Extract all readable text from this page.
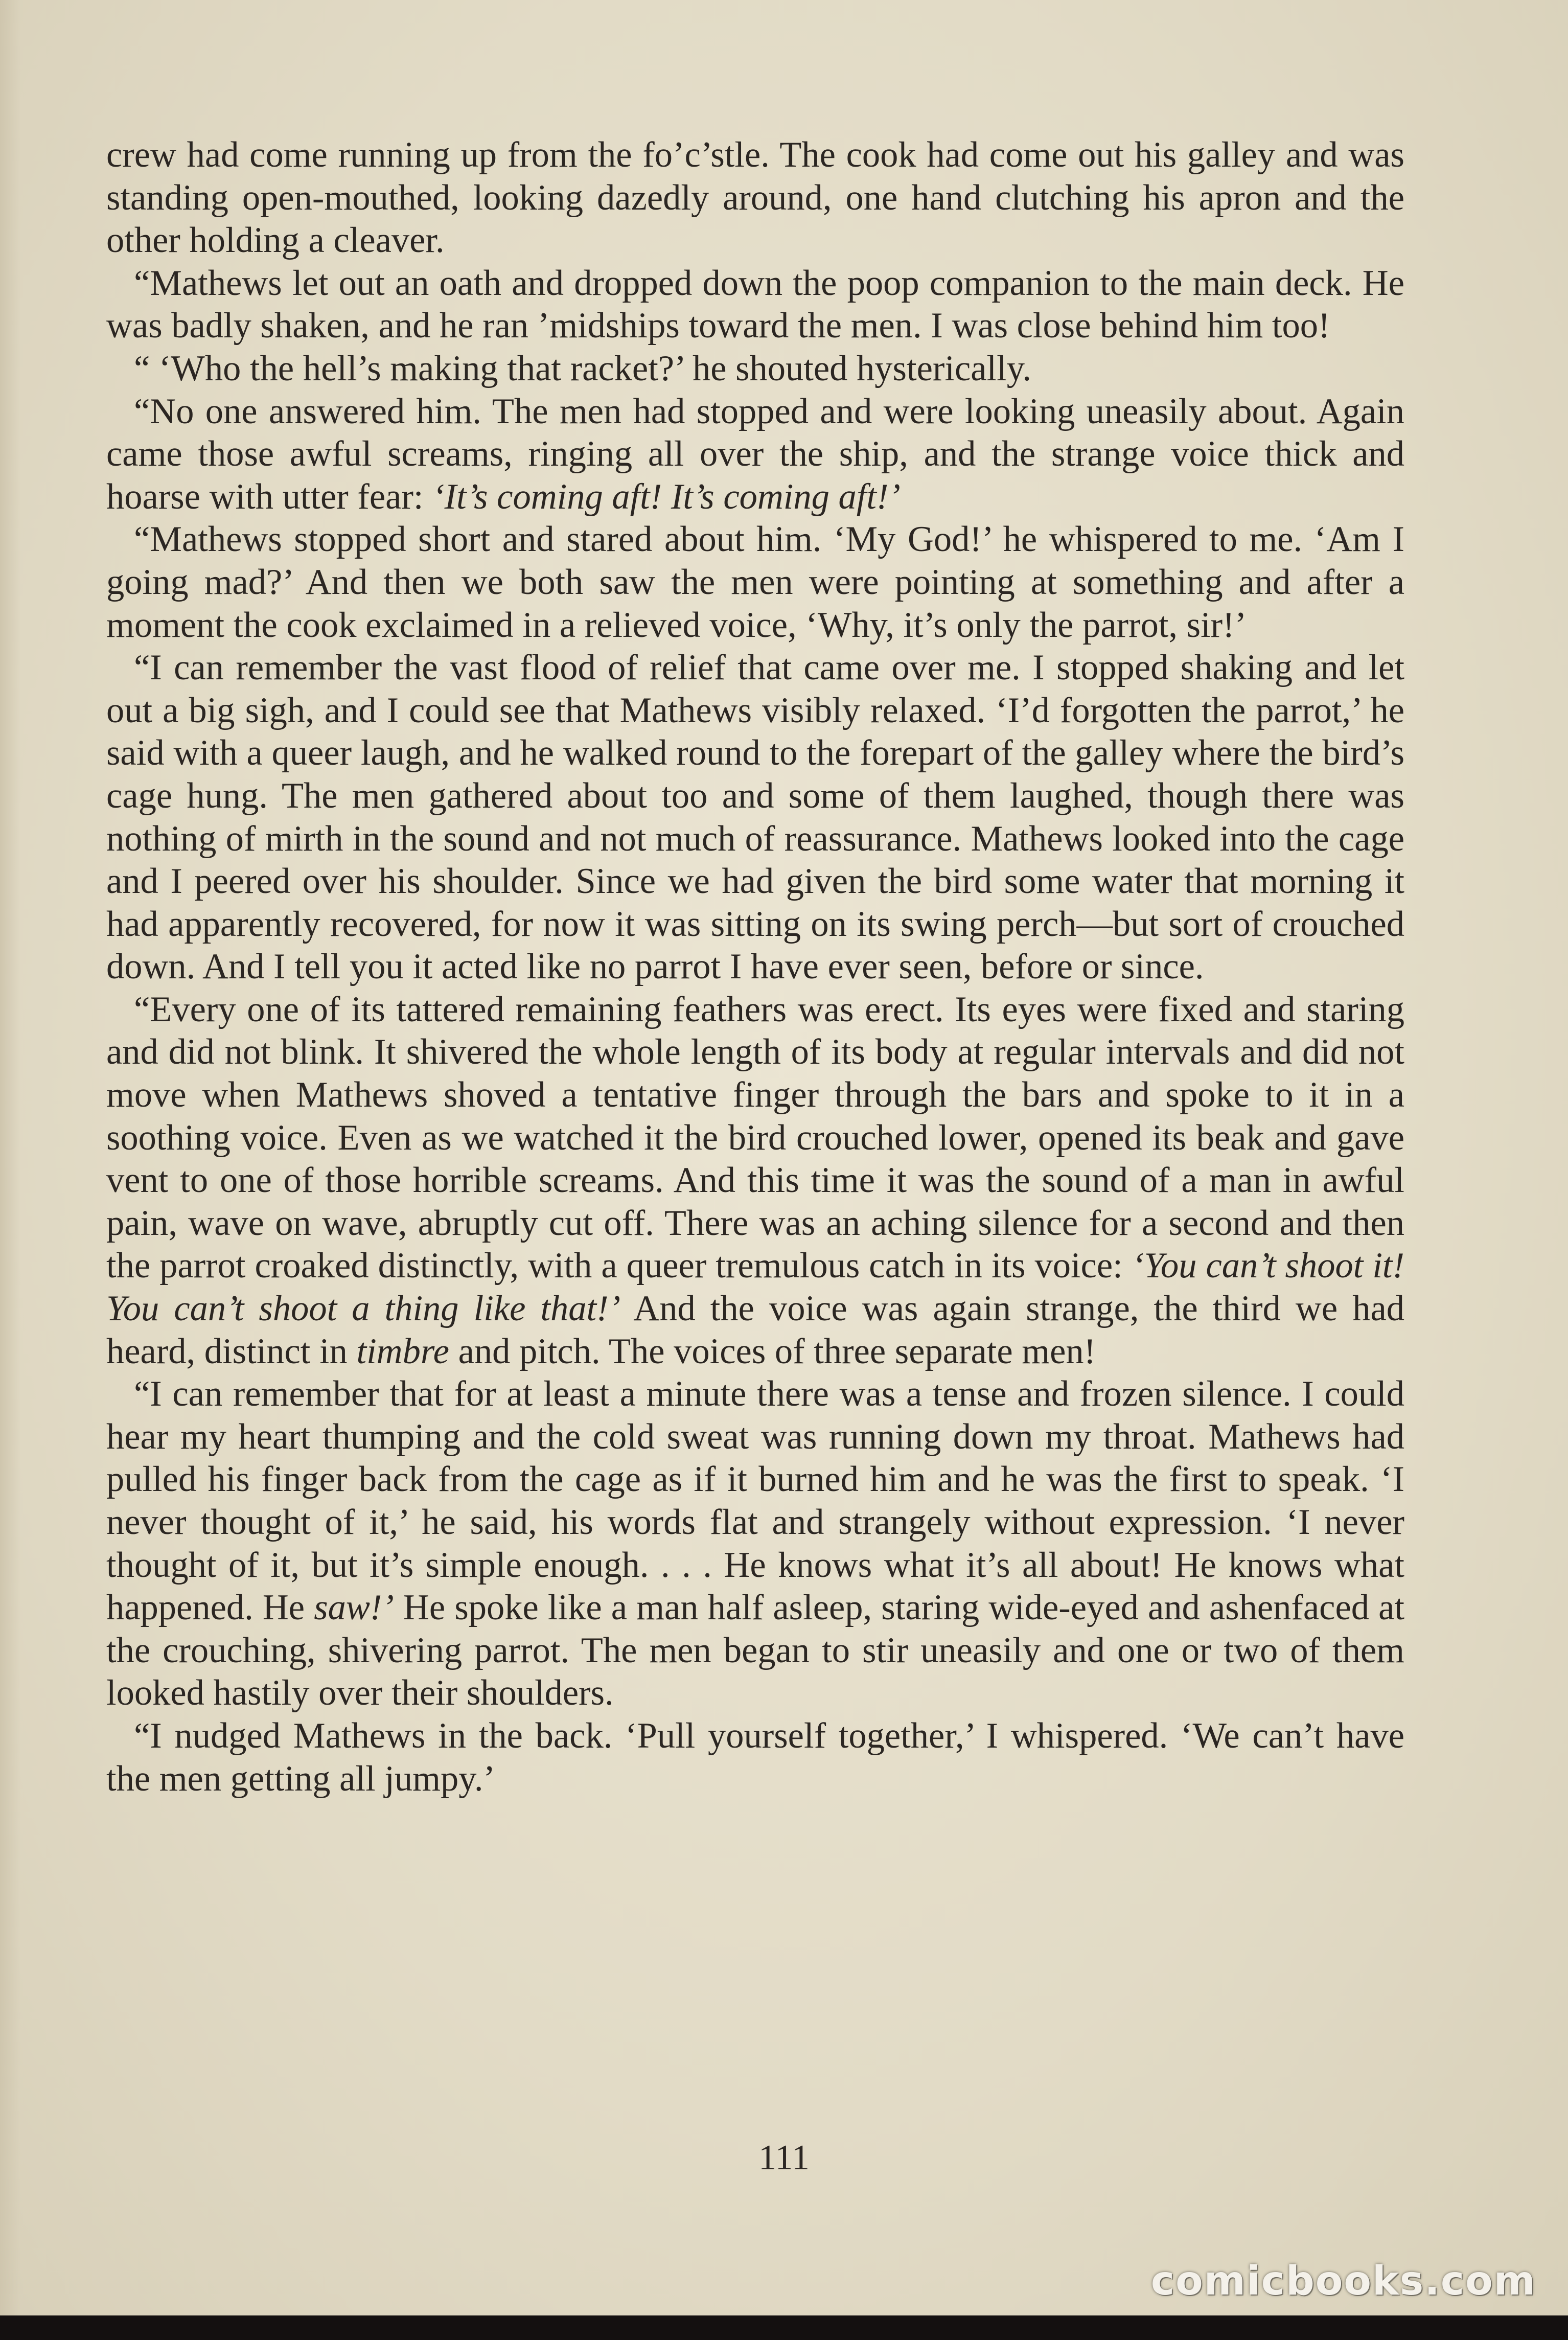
crew had come running up from the fo’c’stle. The cook had come out his galley and was standing open-mouthed, looking dazedly around, one hand clutching his apron and the other holding a cleaver.

“Mathews let out an oath and dropped down the poop companion to the main deck. He was badly shaken, and he ran ’midships toward the men. I was close behind him too!

“ ‘Who the hell’s making that racket?’ he shouted hysterically.

“No one answered him. The men had stopped and were looking uneasily about. Again came those awful screams, ringing all over the ship, and the strange voice thick and hoarse with utter fear: ‘It’s coming aft! It’s coming aft!’

“Mathews stopped short and stared about him. ‘My God!’ he whispered to me. ‘Am I going mad?’ And then we both saw the men were pointing at something and after a moment the cook exclaimed in a relieved voice, ‘Why, it’s only the parrot, sir!’

“I can remember the vast flood of relief that came over me. I stopped shaking and let out a big sigh, and I could see that Mathews visibly relaxed. ‘I’d forgotten the parrot,’ he said with a queer laugh, and he walked round to the forepart of the galley where the bird’s cage hung. The men gathered about too and some of them laughed, though there was nothing of mirth in the sound and not much of reassurance. Mathews looked into the cage and I peered over his shoulder. Since we had given the bird some water that morning it had apparently recovered, for now it was sitting on its swing perch—but sort of crouched down. And I tell you it acted like no parrot I have ever seen, before or since.

“Every one of its tattered remaining feathers was erect. Its eyes were fixed and staring and did not blink. It shivered the whole length of its body at regular intervals and did not move when Mathews shoved a tentative finger through the bars and spoke to it in a soothing voice. Even as we watched it the bird crouched lower, opened its beak and gave vent to one of those horrible screams. And this time it was the sound of a man in awful pain, wave on wave, abruptly cut off. There was an aching silence for a second and then the parrot croaked distinctly, with a queer tremulous catch in its voice: ‘You can’t shoot it! You can’t shoot a thing like that!’ And the voice was again strange, the third we had heard, distinct in timbre and pitch. The voices of three separate men!

“I can remember that for at least a minute there was a tense and frozen silence. I could hear my heart thumping and the cold sweat was running down my throat. Mathews had pulled his finger back from the cage as if it burned him and he was the first to speak. ‘I never thought of it,’ he said, his words flat and strangely without expression. ‘I never thought of it, but it’s simple enough. . . . He knows what it’s all about! He knows what happened. He saw!’ He spoke like a man half asleep, staring wide-eyed and ashenfaced at the crouching, shivering parrot. The men began to stir uneasily and one or two of them looked hastily over their shoulders.

“I nudged Mathews in the back. ‘Pull yourself together,’ I whispered. ‘We can’t have the men getting all jumpy.’

111
comicbooks.com
